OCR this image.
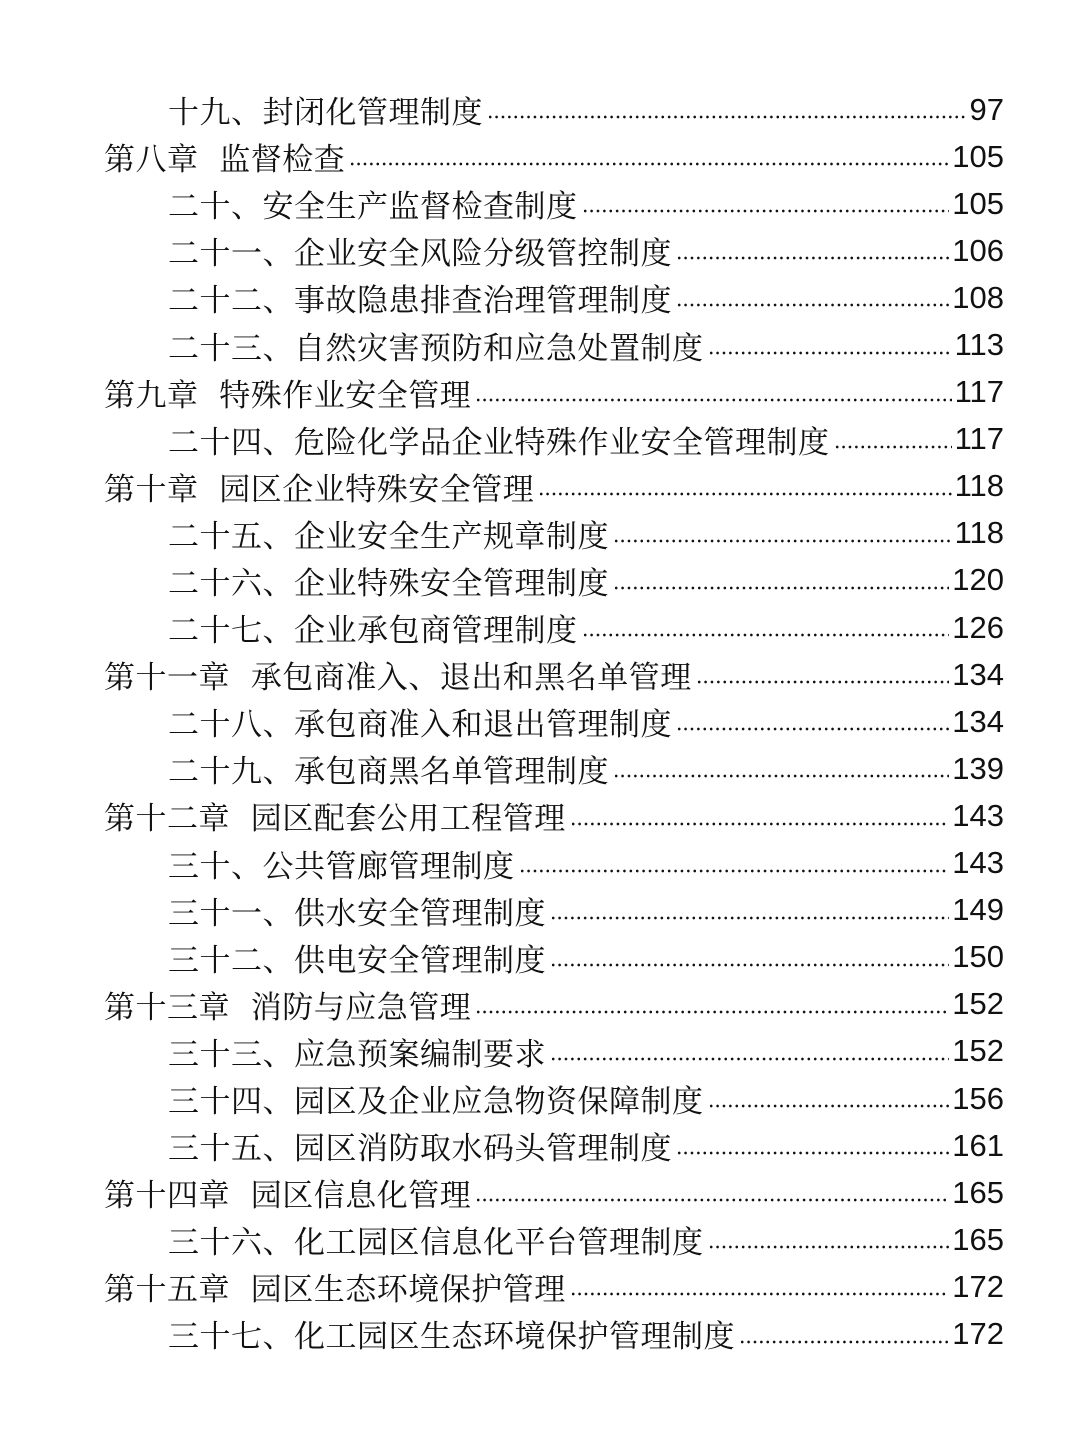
十九、封闭化管理制度	97
第八章  监督检查	105
二十、安全生产监督检查制度	105
二十一、企业安全风险分级管控制度	106
二十二、事故隐患排查治理管理制度	108
二十三、自然灾害预防和应急处置制度	113
第九章  特殊作业安全管理	117
二十四、危险化学品企业特殊作业安全管理制度	117
第十章  园区企业特殊安全管理	118
二十五、企业安全生产规章制度	118
二十六、企业特殊安全管理制度	120
二十七、企业承包商管理制度	126
第十一章  承包商准入、退出和黑名单管理	134
二十八、承包商准入和退出管理制度	134
二十九、承包商黑名单管理制度	139
第十二章  园区配套公用工程管理	143
三十、公共管廊管理制度	143
三十一、供水安全管理制度	149
三十二、供电安全管理制度	150
第十三章  消防与应急管理	152
三十三、应急预案编制要求	152
三十四、园区及企业应急物资保障制度	156
三十五、园区消防取水码头管理制度	161
第十四章  园区信息化管理	165
三十六、化工园区信息化平台管理制度	165
第十五章  园区生态环境保护管理	172
三十七、化工园区生态环境保护管理制度	172
